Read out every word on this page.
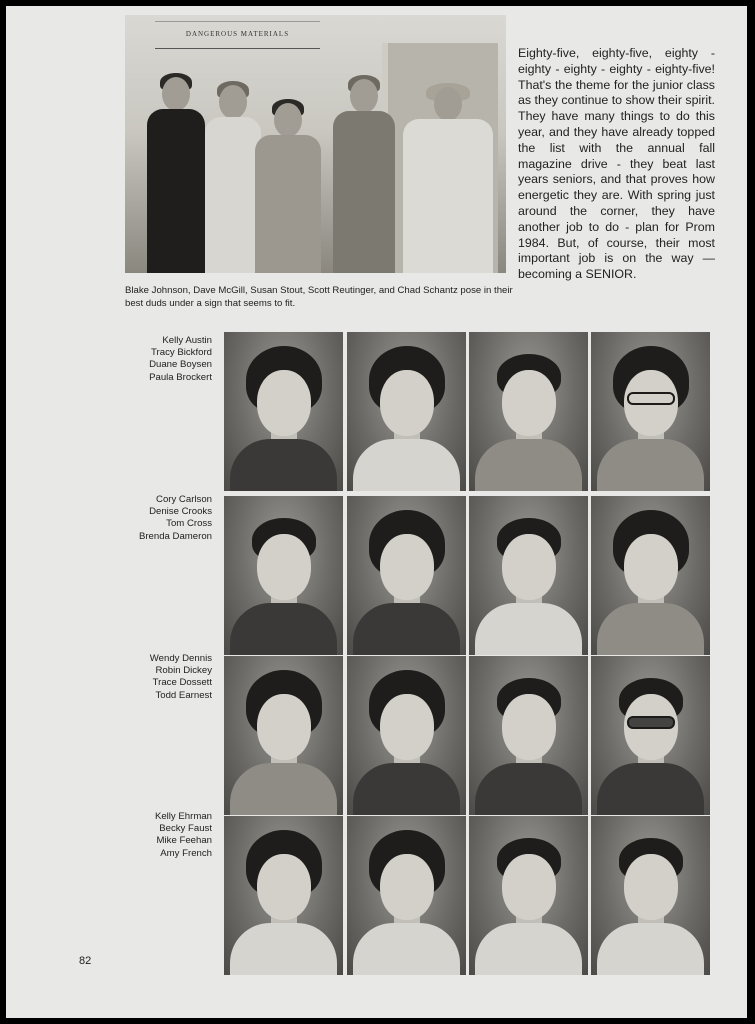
DANGEROUS MATERIALS
Blake Johnson, Dave McGill, Susan Stout, Scott Reutinger, and Chad Schantz pose in their best duds under a sign that seems to fit.
Eighty-five, eighty-five, eighty - eighty - eighty - eighty - eighty-five! That's the theme for the junior class as they continue to show their spirit. They have many things to do this year, and they have already topped the list with the annual fall magazine drive - they beat last years seniors, and that proves how energetic they are. With spring just around the corner, they have another job to do - plan for Prom 1984. But, of course, their most important job is on the way — becoming a SENIOR.
Kelly Austin
Tracy Bickford
Duane Boysen
Paula Brockert
Cory Carlson
Denise Crooks
Tom Cross
Brenda Dameron
Wendy Dennis
Robin Dickey
Trace Dossett
Todd Earnest
Kelly Ehrman
Becky Faust
Mike Feehan
Amy French
82
